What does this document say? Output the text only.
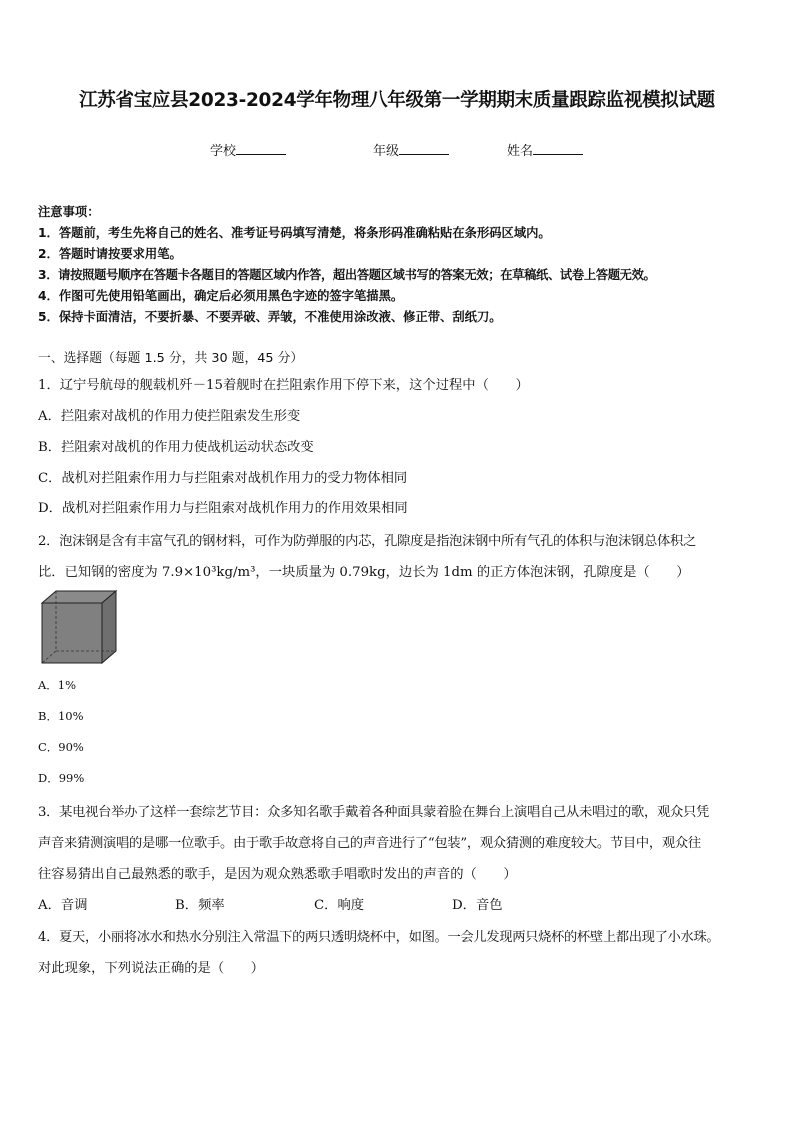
江苏省宝应县2023-2024学年物理八年级第一学期期末质量跟踪监视模拟试题
学校	年级	姓名
注意事项：
1．答题前，考生先将自己的姓名、准考证号码填写清楚，将条形码准确粘贴在条形码区域内。
2．答题时请按要求用笔。
3．请按照题号顺序在答题卡各题目的答题区域内作答，超出答题区域书写的答案无效；在草稿纸、试卷上答题无效。
4．作图可先使用铅笔画出，确定后必须用黑色字迹的签字笔描黑。
5．保持卡面清洁，不要折暴、不要弄破、弄皱，不准使用涂改液、修正带、刮纸刀。
一、选择题（每题 1.5 分，共 30 题，45 分）
1．辽宁号航母的舰载机歼－15着舰时在拦阻索作用下停下来，这个过程中（　　）
A．拦阻索对战机的作用力使拦阻索发生形变
B．拦阻索对战机的作用力使战机运动状态改变
C．战机对拦阻索作用力与拦阻索对战机作用力的受力物体相同
D．战机对拦阻索作用力与拦阻索对战机作用力的作用效果相同
2．泡沫钢是含有丰富气孔的钢材料，可作为防弹服的内芯，孔隙度是指泡沫钢中所有气孔的体积与泡沫钢总体积之
比．已知钢的密度为 7.9×10³kg/m³，一块质量为 0.79kg，边长为 1dm 的正方体泡沫钢，孔隙度是（　　）
A．1%
B．10%
C．90%
D．99%
3．某电视台举办了这样一套综艺节目：众多知名歌手戴着各种面具蒙着脸在舞台上演唱自己从未唱过的歌，观众只凭
声音来猜测演唱的是哪一位歌手。由于歌手故意将自己的声音进行了“包装”，观众猜测的难度较大。节目中，观众往
往容易猜出自己最熟悉的歌手，是因为观众熟悉歌手唱歌时发出的声音的（　　）
A．音调	B．频率	C．响度	D．音色
4．夏天，小丽将冰水和热水分别注入常温下的两只透明烧杯中，如图。一会儿发现两只烧杯的杯壁上都出现了小水珠。
对此现象，下列说法正确的是（　　）
